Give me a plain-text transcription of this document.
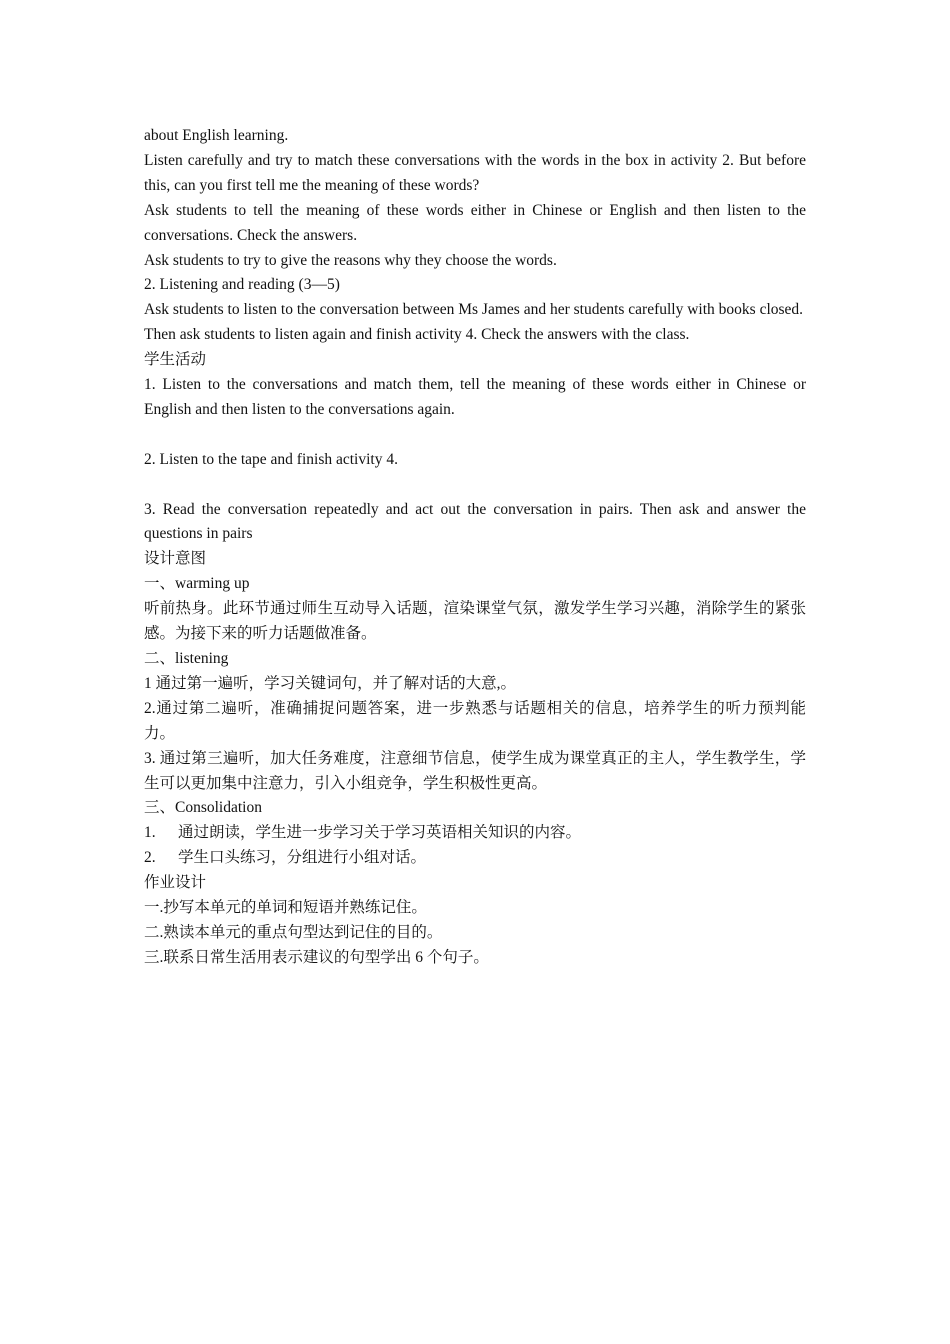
about English learning.

Listen carefully and try to match these conversations with the words in the box in activity 2. But before this, can you first tell me the meaning of these words?

Ask students to tell the meaning of these words either in Chinese or English and then listen to the conversations. Check the answers.

Ask students to try to give the reasons why they choose the words.

2. Listening and reading (3—5)

Ask students to listen to the conversation between Ms James and her students carefully with books closed.

Then ask students to listen again and finish activity 4. Check the answers with the class.

学生活动

1. Listen to the conversations and match them, tell the meaning of these words either in Chinese or English and then listen to the conversations again.

2. Listen to the tape and finish activity 4.

3. Read the conversation repeatedly and act out the conversation in pairs. Then ask and answer the questions in pairs

设计意图

一、warming up

听前热身。此环节通过师生互动导入话题，渲染课堂气氛，激发学生学习兴趣，消除学生的紧张感。为接下来的听力话题做准备。

二、listening

1 通过第一遍听，学习关键词句，并了解对话的大意,。

2.通过第二遍听，准确捕捉问题答案，进一步熟悉与话题相关的信息，培养学生的听力预判能力。

3. 通过第三遍听，加大任务难度，注意细节信息，使学生成为课堂真正的主人，学生教学生，学生可以更加集中注意力，引入小组竞争，学生积极性更高。

三、Consolidation

1. 通过朗读，学生进一步学习关于学习英语相关知识的内容。

2. 学生口头练习，分组进行小组对话。

作业设计

一.抄写本单元的单词和短语并熟练记住。

二.熟读本单元的重点句型达到记住的目的。

三.联系日常生活用表示建议的句型学出 6 个句子。
